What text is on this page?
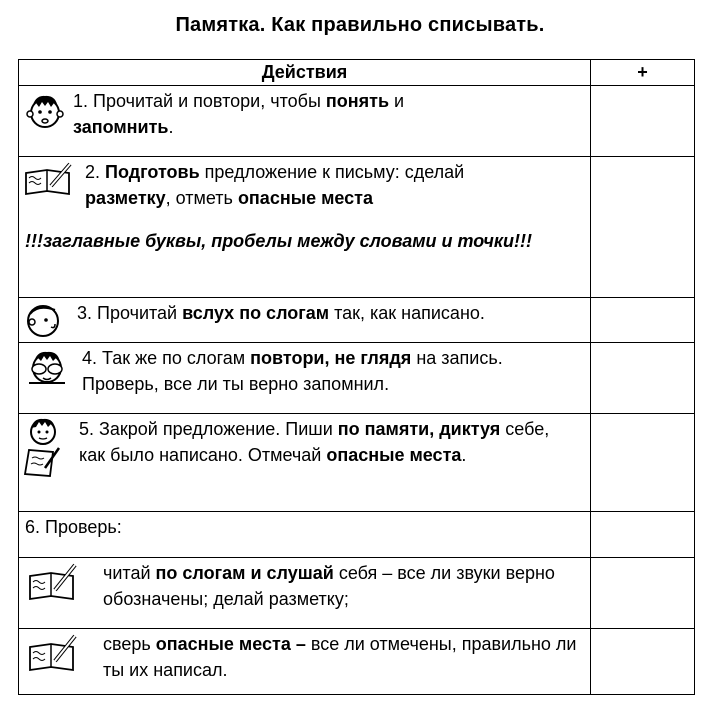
Памятка. Как правильно списывать.
Действия	+

1. Прочитай и повтори, чтобы понять и
запомнить.	

2. Подготовь предложение к письму: сделай
разметку, отметь опасные места
!!!заглавные буквы, пробелы между словами и точки!!!	

3. Прочитай вслух по слогам так, как написано.	

4. Так же по слогам повтори, не глядя на запись. Проверь, все ли ты верно запомнил.	

5. Закрой предложение. Пиши по памяти, диктуя себе, как было написано. Отмечай опасные места.	

6. Проверь:	

читай по слогам и слушай себя – все ли звуки верно обозначены; делай разметку;	

сверь опасные места – все ли отмечены, правильно ли ты их написал.	
